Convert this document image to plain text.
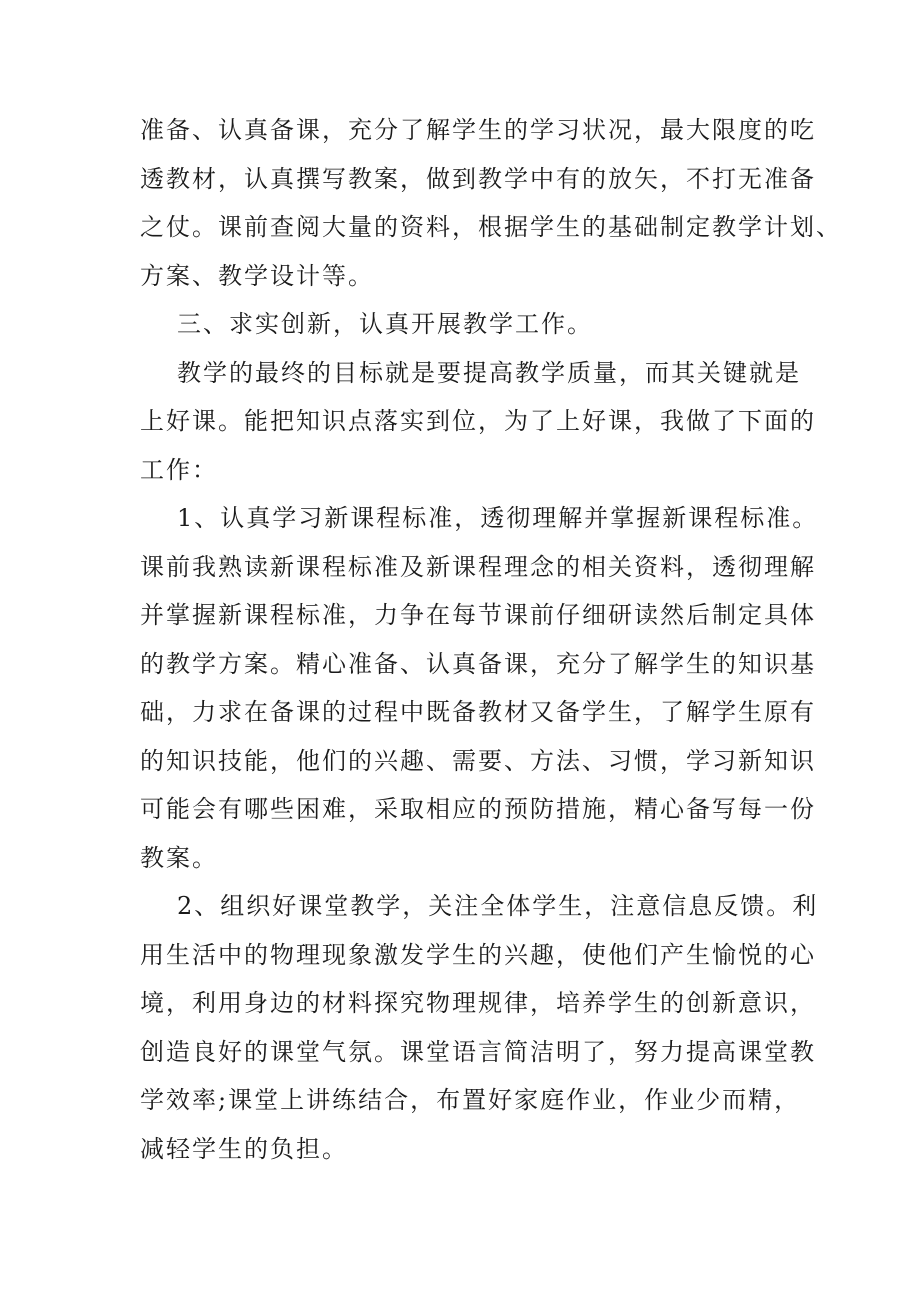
准备、认真备课，充分了解学生的学习状况，最大限度的吃
透教材，认真撰写教案，做到教学中有的放矢，不打无准备
之仗。课前查阅大量的资料，根据学生的基础制定教学计划、
方案、教学设计等。
三、求实创新，认真开展教学工作。
教学的最终的目标就是要提高教学质量，而其关键就是
上好课。能把知识点落实到位，为了上好课，我做了下面的
工作：
1、认真学习新课程标准，透彻理解并掌握新课程标准。
课前我熟读新课程标准及新课程理念的相关资料，透彻理解
并掌握新课程标准，力争在每节课前仔细研读然后制定具体
的教学方案。精心准备、认真备课，充分了解学生的知识基
础，力求在备课的过程中既备教材又备学生，了解学生原有
的知识技能，他们的兴趣、需要、方法、习惯，学习新知识
可能会有哪些困难，采取相应的预防措施，精心备写每一份
教案。
2、组织好课堂教学，关注全体学生，注意信息反馈。利
用生活中的物理现象激发学生的兴趣，使他们产生愉悦的心
境，利用身边的材料探究物理规律，培养学生的创新意识，
创造良好的课堂气氛。课堂语言简洁明了，努力提高课堂教
学效率;课堂上讲练结合，布置好家庭作业，作业少而精，
减轻学生的负担。
